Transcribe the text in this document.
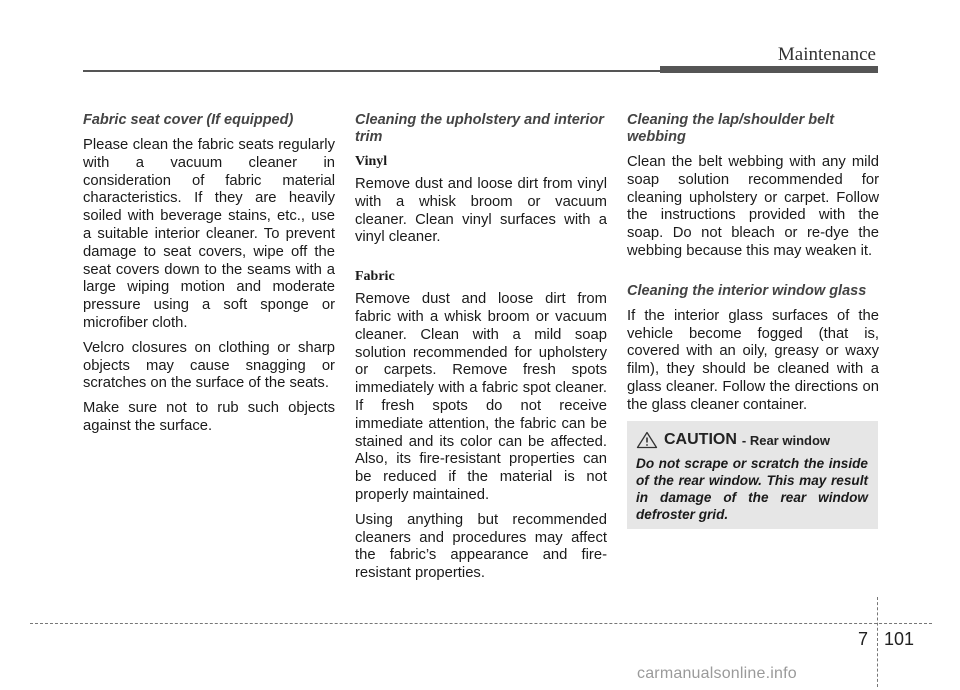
Maintenance
Fabric seat cover (If equipped)

Please clean the fabric seats regularly with a vacuum cleaner in consideration of fabric material characteristics. If they are heavily soiled with beverage stains, etc., use a suitable interior cleaner. To prevent damage to seat covers, wipe off the seat covers down to the seams with a large wiping motion and moderate pressure using a soft sponge or microfiber cloth.

Velcro closures on clothing or sharp objects may cause snagging or scratches on the surface of the seats.

Make sure not to rub such objects against the surface.

Cleaning the upholstery and interior trim
Vinyl

Remove dust and loose dirt from vinyl with a whisk broom or vacuum cleaner. Clean vinyl surfaces with a vinyl cleaner.

Fabric

Remove dust and loose dirt from fabric with a whisk broom or vacuum cleaner. Clean with a mild soap solution recommended for upholstery or carpets. Remove fresh spots immediately with a fabric spot cleaner. If fresh spots do not receive immediate attention, the fabric can be stained and its color can be affected. Also, its fire-resistant properties can be reduced if the material is not properly maintained.

Using anything but recommended cleaners and procedures may affect the fabric’s appearance and fire-resistant properties.

Cleaning the lap/shoulder belt webbing

Clean the belt webbing with any mild soap solution recommended for cleaning upholstery or carpet. Follow the instructions provided with the soap. Do not bleach or re-dye the webbing because this may weaken it.

Cleaning the interior window glass

If the interior glass surfaces of the vehicle become fogged (that is, covered with an oily, greasy or waxy film), they should be cleaned with a glass cleaner. Follow the directions on the glass cleaner container.

CAUTION - Rear window
Do not scrape or scratch the inside of the rear window. This may result in damage of the rear window defroster grid.
7 101
carmanualsonline.info
